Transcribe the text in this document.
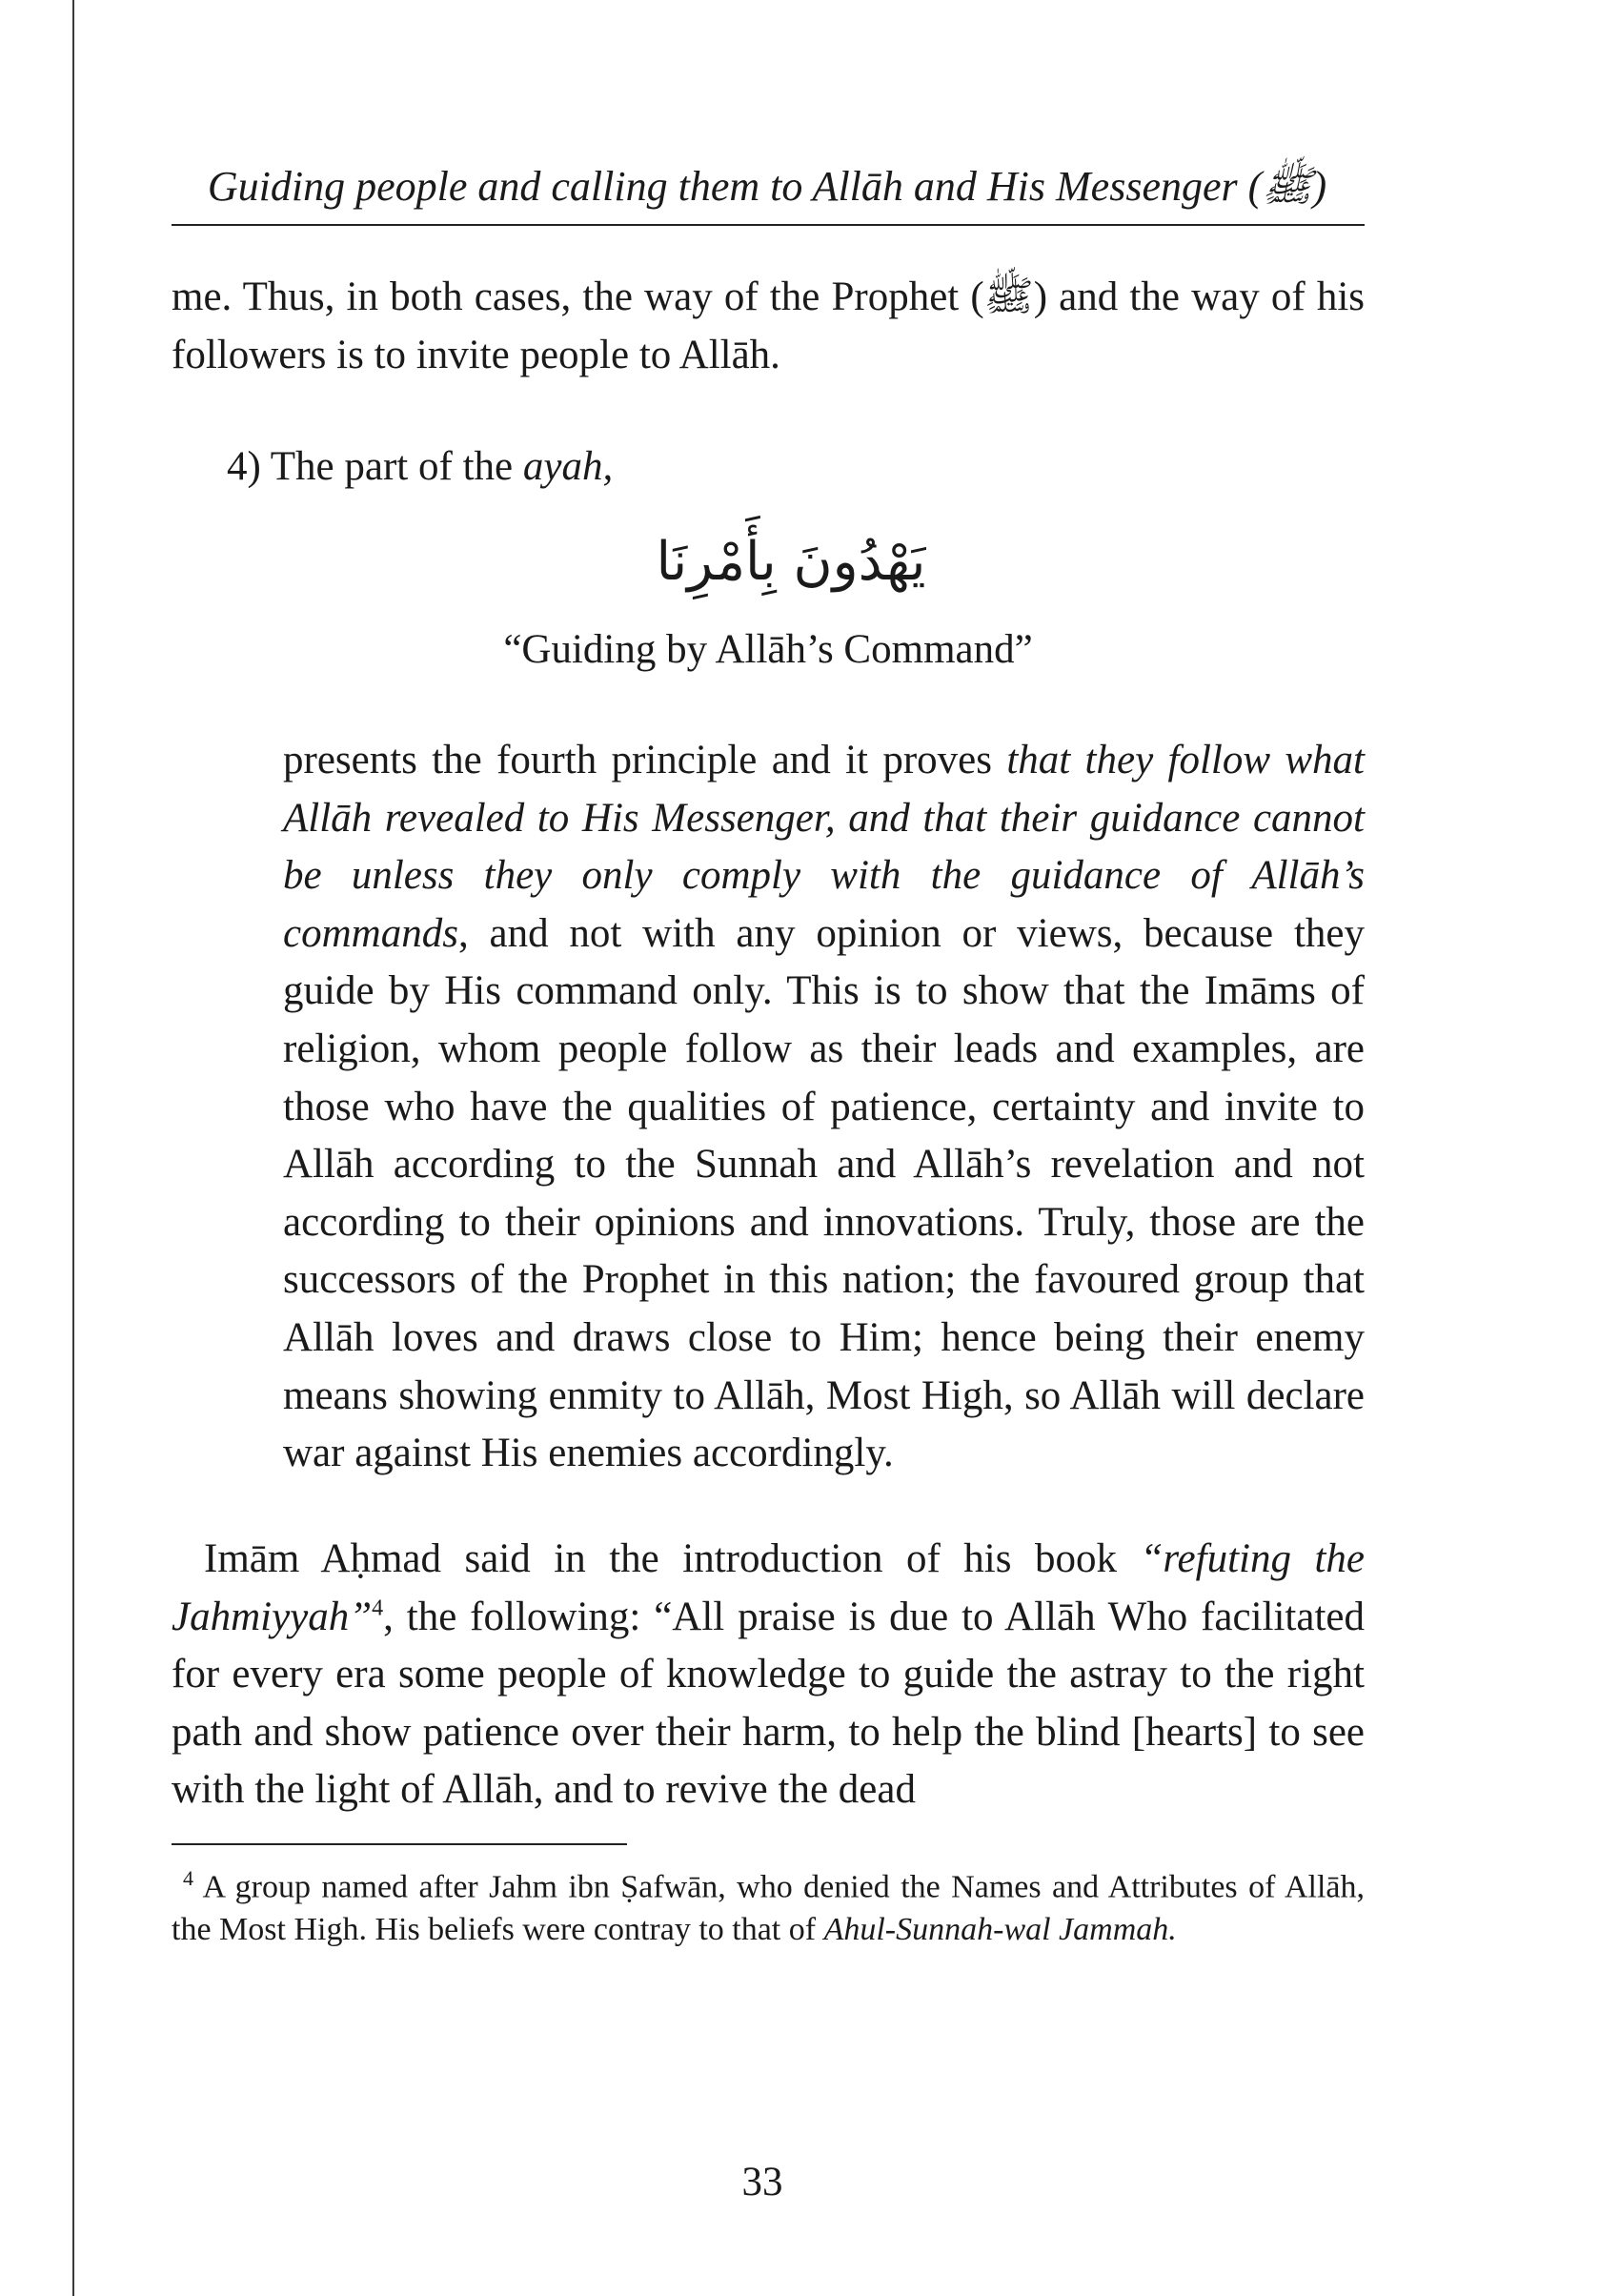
Guiding people and calling them to Allāh and His Messenger (ﷺ)
me. Thus, in both cases, the way of the Prophet (ﷺ) and the way of his followers is to invite people to Allāh.
4) The part of the ayah,
يَهْدُونَ بِأَمْرِنَا
“Guiding by Allāh’s Command”
presents the fourth principle and it proves that they follow what Allāh revealed to His Messenger, and that their guidance cannot be unless they only comply with the guidance of Allāh’s commands, and not with any opinion or views, because they guide by His command only. This is to show that the Imāms of religion, whom people follow as their leads and examples, are those who have the qualities of patience, certainty and invite to Allāh according to the Sunnah and Allāh’s revelation and not according to their opinions and innovations. Truly, those are the successors of the Prophet in this nation; the favoured group that Allāh loves and draws close to Him; hence being their enemy means showing enmity to Allāh, Most High, so Allāh will declare war against His enemies accordingly.
Imām Aḥmad said in the introduction of his book “refuting the Jahmiyyah”$^4$, the following: “All praise is due to Allāh Who facilitated for every era some people of knowledge to guide the astray to the right path and show patience over their harm, to help the blind [hearts] to see with the light of Allāh, and to revive the dead
$^4$ A group named after Jahm ibn Ṣafwān, who denied the Names and Attributes of Allāh, the Most High. His beliefs were contray to that of Ahul-Sunnah-wal Jammah.
33
